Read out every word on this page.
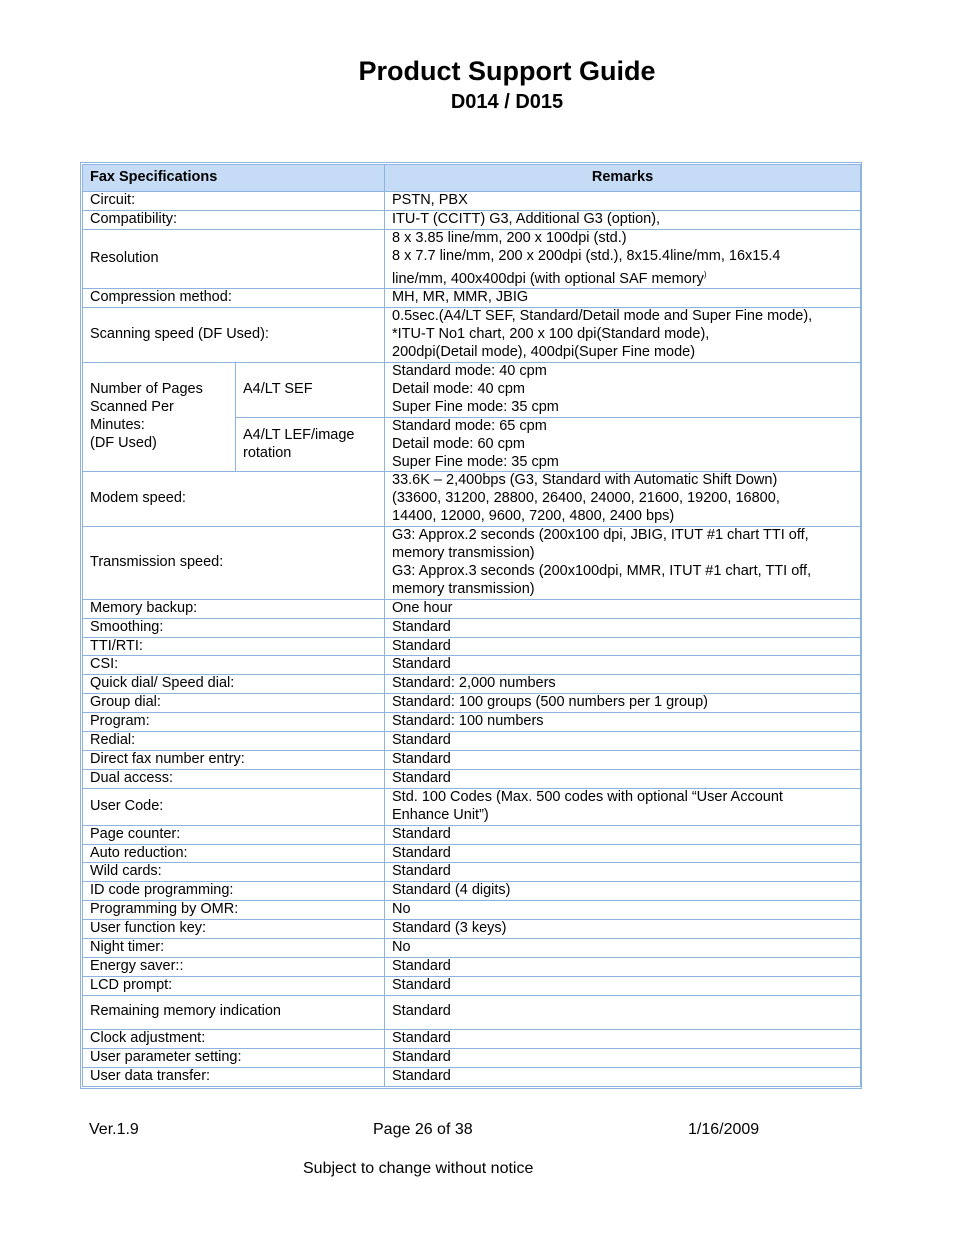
Product Support Guide
D014 / D015
Fax Specifications		Remarks
Circuit:		PSTN, PBX
Compatibility:		ITU-T (CCITT) G3, Additional G3 (option),
Resolution		8 x 3.85 line/mm, 200 x 100dpi (std.)
8 x 7.7 line/mm, 200 x 200dpi (std.), 8x15.4line/mm, 16x15.4
line/mm, 400x400dpi (with optional SAF memory)
Compression method:		MH, MR, MMR, JBIG
Scanning speed (DF Used):		0.5sec.(A4/LT SEF, Standard/Detail mode and Super Fine mode),
*ITU-T No1 chart, 200 x 100 dpi(Standard mode),
200dpi(Detail mode), 400dpi(Super Fine mode)
Number of Pages
Scanned Per
Minutes:
(DF Used)	A4/LT SEF	Standard mode: 40 cpm
Detail mode: 40 cpm
Super Fine mode: 35 cpm
	A4/LT LEF/image
rotation	Standard mode: 65 cpm
Detail mode: 60 cpm
Super Fine mode: 35 cpm
Modem speed:		33.6K – 2,400bps (G3, Standard with Automatic Shift Down)
(33600, 31200, 28800, 26400, 24000, 21600, 19200, 16800,
14400, 12000, 9600, 7200, 4800, 2400 bps)
Transmission speed:		G3: Approx.2 seconds (200x100 dpi, JBIG, ITUT #1 chart TTI off,
memory transmission)
G3: Approx.3 seconds (200x100dpi, MMR, ITUT #1 chart, TTI off,
memory transmission)
Memory backup:		One hour
Smoothing:		Standard
TTI/RTI:		Standard
CSI:		Standard
Quick dial/ Speed dial:		Standard: 2,000 numbers
Group dial:		Standard: 100 groups (500 numbers per 1 group)
Program:		Standard: 100 numbers
Redial:		Standard
Direct fax number entry:		Standard
Dual access:		Standard
User Code:		Std. 100 Codes (Max. 500 codes with optional “User Account
Enhance Unit”)
Page counter:		Standard
Auto reduction:		Standard
Wild cards:		Standard
ID code programming:		Standard (4 digits)
Programming by OMR:		No
User function key:		Standard (3 keys)
Night timer:		No
Energy saver::		Standard
LCD prompt:		Standard
Remaining memory indication		Standard
Clock adjustment:		Standard
User parameter setting:		Standard
User data transfer:		Standard
Ver.1.9	Page 26 of 38	1/16/2009
Subject to change without notice
